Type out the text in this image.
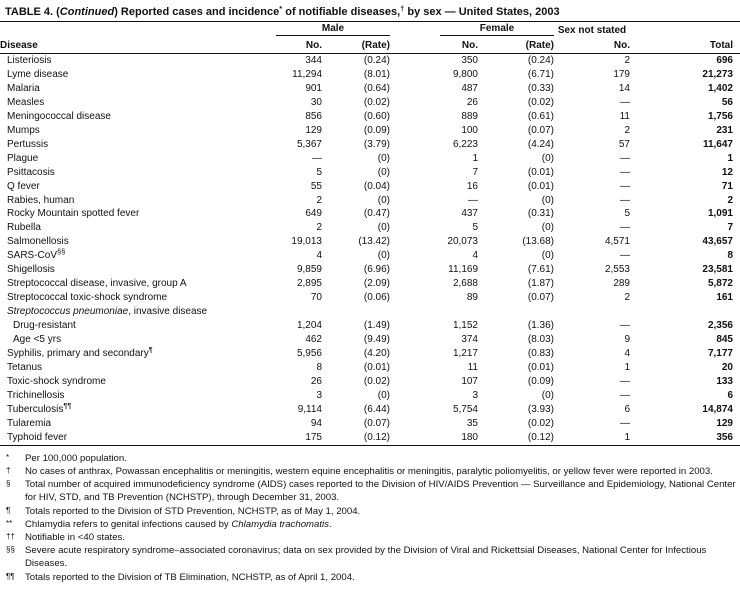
TABLE 4. (Continued) Reported cases and incidence* of notifiable diseases,† by sex — United States, 2003

	Male		Female		Sex not stated	

Disease	No.	(Rate)	No.	(Rate)	No.	Total
Listeriosis	344	(0.24)	350	(0.24)	2	696
Lyme disease	11,294	(8.01)	9,800	(6.71)	179	21,273
Malaria	901	(0.64)	487	(0.33)	14	1,402
Measles	30	(0.02)	26	(0.02)	—	56
Meningococcal disease	856	(0.60)	889	(0.61)	11	1,756
Mumps	129	(0.09)	100	(0.07)	2	231
Pertussis	5,367	(3.79)	6,223	(4.24)	57	11,647
Plague	—	(0)	1	(0)	—	1
Psittacosis	5	(0)	7	(0.01)	—	12
Q fever	55	(0.04)	16	(0.01)	—	71
Rabies, human	2	(0)	—	(0)	—	2
Rocky Mountain spotted fever	649	(0.47)	437	(0.31)	5	1,091
Rubella	2	(0)	5	(0)	—	7
Salmonellosis	19,013	(13.42)	20,073	(13.68)	4,571	43,657
SARS-CoV§§	4	(0)	4	(0)	—	8
Shigellosis	9,859	(6.96)	11,169	(7.61)	2,553	23,581
Streptococcal disease, invasive, group A	2,895	(2.09)	2,688	(1.87)	289	5,872
Streptococcal toxic-shock syndrome	70	(0.06)	89	(0.07)	2	161
Streptococcus pneumoniae, invasive disease						
Drug-resistant	1,204	(1.49)	1,152	(1.36)	—	2,356
Age <5 yrs	462	(9.49)	374	(8.03)	9	845
Syphilis, primary and secondary¶	5,956	(4.20)	1,217	(0.83)	4	7,177
Tetanus	8	(0.01)	11	(0.01)	1	20
Toxic-shock syndrome	26	(0.02)	107	(0.09)	—	133
Trichinellosis	3	(0)	3	(0)	—	6
Tuberculosis¶¶	9,114	(6.44)	5,754	(3.93)	6	14,874
Tularemia	94	(0.07)	35	(0.02)	—	129
Typhoid fever	175	(0.12)	180	(0.12)	1	356
*	Per 100,000 population.
†	No cases of anthrax, Powassan encephalitis or meningitis, western equine encephalitis or meningitis, paralytic poliomyelitis, or yellow fever were reported in 2003.
§	Total number of acquired immunodeficiency syndrome (AIDS) cases reported to the Division of HIV/AIDS Prevention — Surveillance and Epidemiology, National Center for HIV, STD, and TB Prevention (NCHSTP), through December 31, 2003.
¶	Totals reported to the Division of STD Prevention, NCHSTP, as of May 1, 2004.
**	Chlamydia refers to genital infections caused by Chlamydia trachomatis.
††	Notifiable in <40 states.
§§	Severe acute respiratory syndrome–associated coronavirus; data on sex provided by the Division of Viral and Rickettsial Diseases, National Center for Infectious Diseases.
¶¶	Totals reported to the Division of TB Elimination, NCHSTP, as of April 1, 2004.
